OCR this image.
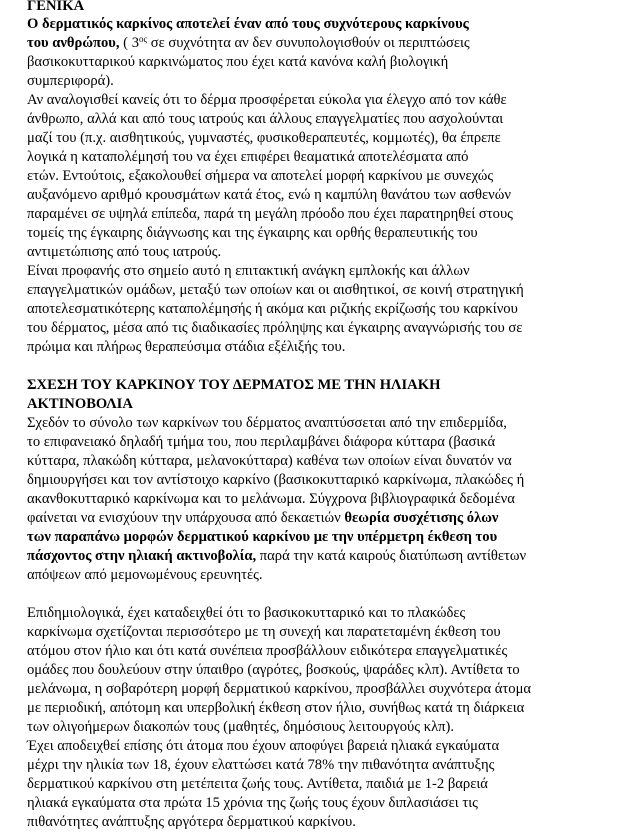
ΓΕΝΙΚΑ
Ο δερματικός καρκίνος αποτελεί έναν από τους συχνότερους καρκίνους
του ανθρώπου, ( $3^{o\varsigma}$ σε συχνότητα αν δεν συνυπολογισθούν οι περιπτώσεις
βασικοκυτταρικού καρκινώματος που έχει κατά κανόνα καλή βιολογική
συμπεριφορά).
Αν αναλογισθεί κανείς ότι το δέρμα προσφέρεται εύκολα για έλεγχο από τον κάθε
άνθρωπο, αλλά και από τους ιατρούς και άλλους επαγγελματίες που ασχολούνται
μαζί του (π.χ. αισθητικούς, γυμναστές, φυσικοθεραπευτές, κομμωτές), θα έπρεπε
λογικά η καταπολέμησή του να έχει επιφέρει θεαματικά αποτελέσματα από
ετών. Εντούτοις, εξακολουθεί σήμερα να αποτελεί μορφή καρκίνου με συνεχώς
αυξανόμενο αριθμό κρουσμάτων κατά έτος, ενώ η καμπύλη θανάτου των ασθενών
παραμένει σε υψηλά επίπεδα, παρά τη μεγάλη πρόοδο που έχει παρατηρηθεί στους
τομείς της έγκαιρης διάγνωσης και της έγκαιρης και ορθής θεραπευτικής του
αντιμετώπισης από τους ιατρούς.
Είναι προφανής στο σημείο αυτό η επιτακτική ανάγκη εμπλοκής και άλλων
επαγγελματικών ομάδων, μεταξύ των οποίων και οι αισθητικοί, σε κοινή στρατηγική
αποτελεσματικότερης καταπολέμησής ή ακόμα και ριζικής εκρίζωσής του καρκίνου
του δέρματος, μέσα από τις διαδικασίες πρόληψης και έγκαιρης αναγνώρισής του σε
πρώιμα και πλήρως θεραπεύσιμα στάδια εξέλιξής του.
ΣΧΕΣΗ ΤΟΥ ΚΑΡΚΙΝΟΥ ΤΟΥ ΔΕΡΜΑΤΟΣ ΜΕ ΤΗΝ ΗΛΙΑΚΗ
ΑΚΤΙΝΟΒΟΛΙΑ
Σχεδόν το σύνολο των καρκίνων του δέρματος αναπτύσσεται από την επιδερμίδα,
το επιφανειακό δηλαδή τμήμα του, που περιλαμβάνει διάφορα κύτταρα (βασικά
κύτταρα, πλακώδη κύτταρα, μελανοκύτταρα) καθένα των οποίων είναι δυνατόν να
δημιουργήσει και τον αντίστοιχο καρκίνο (βασικοκυτταρικό καρκίνωμα, πλακώδες ή
ακανθοκυτταρικό καρκίνωμα και το μελάνωμα. Σύγχρονα βιβλιογραφικά δεδομένα
φαίνεται να ενισχύουν την υπάρχουσα από δεκαετιών θεωρία συσχέτισης όλων
των παραπάνω μορφών δερματικού καρκίνου με την υπέρμετρη έκθεση του
πάσχοντος στην ηλιακή ακτινοβολία, παρά την κατά καιρούς διατύπωση αντίθετων
απόψεων από μεμονωμένους ερευνητές.
Επιδημιολογικά, έχει καταδειχθεί ότι το βασικοκυτταρικό και το πλακώδες
καρκίνωμα σχετίζονται περισσότερο με τη συνεχή και παρατεταμένη έκθεση του
ατόμου στον ήλιο και ότι κατά συνέπεια προσβάλλουν ειδικότερα επαγγελματικές
ομάδες που δουλεύουν στην ύπαιθρο (αγρότες, βοσκούς, ψαράδες κλπ). Αντίθετα το
μελάνωμα, η σοβαρότερη μορφή δερματικού καρκίνου, προσβάλλει συχνότερα άτομα
με περιοδική, απότομη και υπερβολική έκθεση στον ήλιο, συνήθως κατά τη διάρκεια
των ολιγοήμερων διακοπών τους (μαθητές, δημόσιους λειτουργούς κλπ).
Έχει αποδειχθεί επίσης ότι άτομα που έχουν αποφύγει βαρειά ηλιακά εγκαύματα
μέχρι την ηλικία των 18, έχουν ελαττώσει κατά 78% την πιθανότητα ανάπτυξης
δερματικού καρκίνου στη μετέπειτα ζωής τους. Αντίθετα, παιδιά με 1-2 βαρειά
ηλιακά εγκαύματα στα πρώτα 15 χρόνια της ζωής τους έχουν διπλασιάσει τις
πιθανότητες ανάπτυξης αργότερα δερματικού καρκίνου.
